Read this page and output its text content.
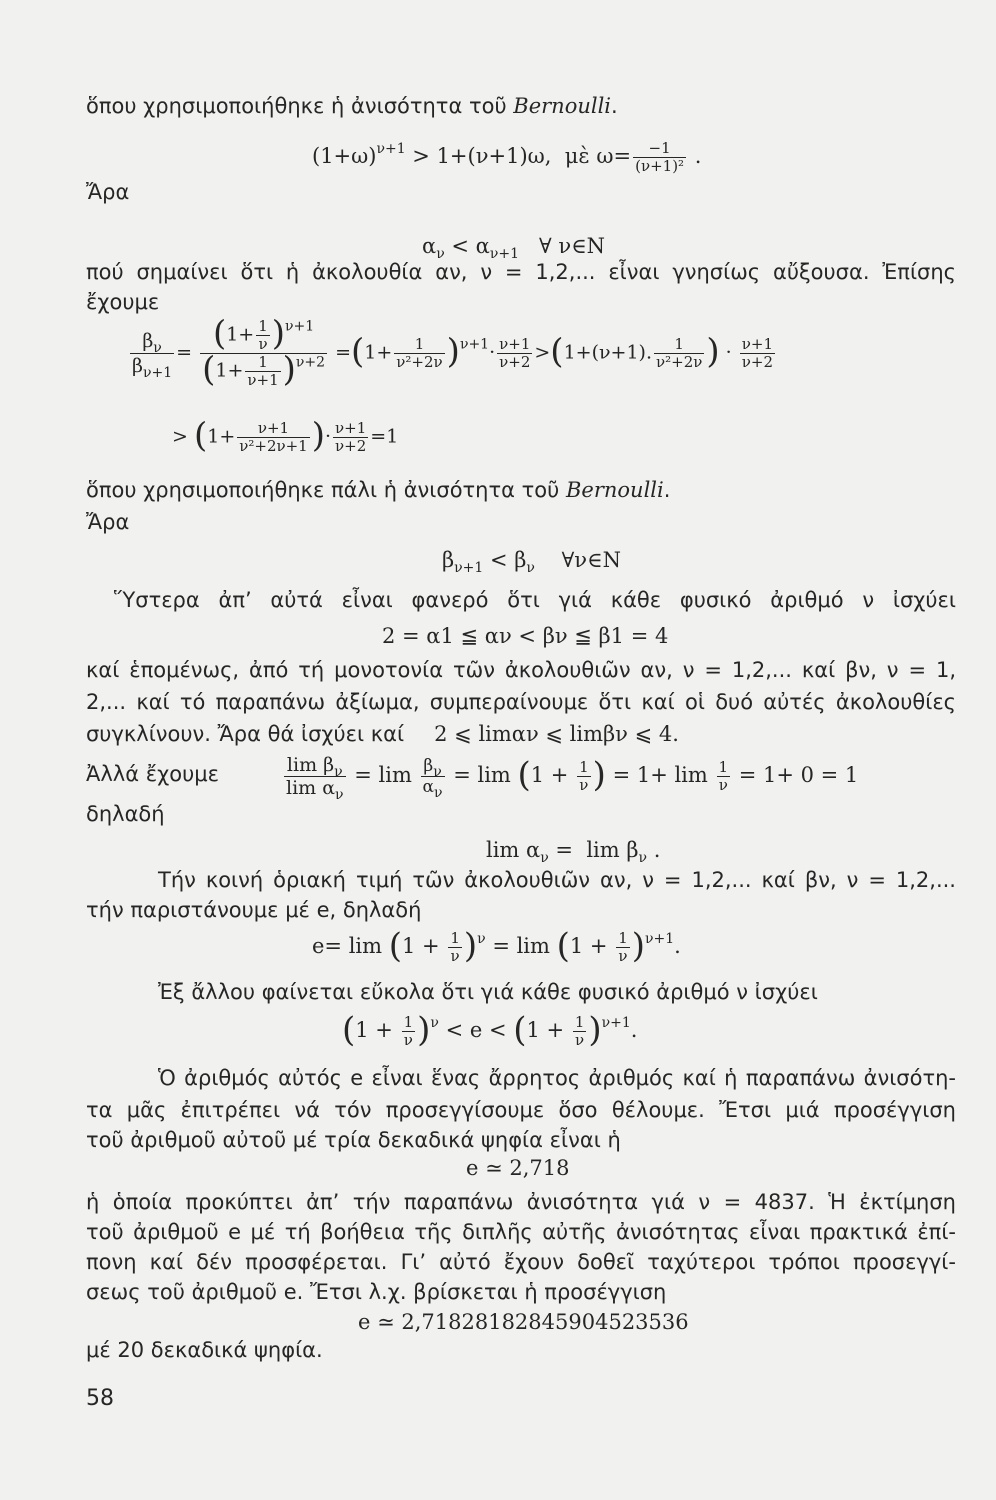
ὅπου χρησιμοποιήθηκε ἡ ἀνισότητα τοῦ Bernoulli.
$(1+\omega)^{\nu+1} > 1+(\nu+1)\omega$,  μὲ $\omega= \frac{-1}{\text{(ν+1)²}}$ .
Ἄρα
$\alpha_\nu < \alpha_{\nu+1}$   ∀ ν∈N
πού σημαίνει ὅτι ἡ ἀκολουθία αν, ν = 1,2,... εἶναι γνησίως αὔξουσα. Ἐπίσης
ἔχουμε
$\frac{\beta_\nu}{\beta_{\nu+1}} = \frac{(1+ \frac{1}{\nu} )^{\nu+1}}{(1+ \frac{1}{\nu+1} )^{\nu+2}} =(1+ \frac{1}{\text{ν²+2ν}} )^{\nu+1}\cdot \frac{\nu+1}{\nu+2} >(1+(\nu+1)$. $\frac{1}{\text{ν²+2ν}}$ ) · $\frac{\nu+1}{\nu+2}$
> ($1+ \frac{\nu+1}{\text{ν²+2ν+1}}$ )· $\frac{\nu+1}{\nu+2} =1$
ὅπου χρησιμοποιήθηκε πάλι ἡ ἀνισότητα τοῦ Bernoulli.
Ἄρα
$\beta_{\nu+1} < \beta_\nu$    ∀ν∈N
Ὕστερα ἀπ’ αὐτά εἶναι φανερό ὅτι γιά κάθε φυσικό ἀριθμό ν ἰσχύει
2 = α1 ≦ αν < βν ≦ β1 = 4
καί ἑπομένως, ἀπό τή μονοτονία τῶν ἀκολουθιῶν αν, ν = 1,2,... καί βν, ν = 1,
2,... καί τό παραπάνω ἀξίωμα, συμπεραίνουμε ὅτι καί οἱ δυό αὐτές ἀκολουθίες
συγκλίνουν. Ἄρα θά ἰσχύει καί 2 ⩽ limαν ⩽ limβν ⩽ 4.
Ἀλλά ἔχουμε	$\frac{\lim \beta_\nu}{\lim \alpha_\nu} = \lim \frac{\beta_\nu}{\alpha_\nu} = \lim (1 + \frac{1}{\nu}$ ) = $1+ \lim \frac{1}{\nu} = 1+ 0 = 1$
δηλαδή
$\lim \alpha_\nu = \lim \beta_\nu$ .
Τήν κοινή ὁριακή τιμή τῶν ἀκολουθιῶν αν, ν = 1,2,... καί βν, ν = 1,2,...
τήν παριστάνουμε μέ e, δηλαδή
$e= \lim (1 + \frac{1}{\nu} )^\nu = \lim (1 + \frac{1}{\nu} )^{\nu+1}$.
Ἐξ ἄλλου φαίνεται εὔκολα ὅτι γιά κάθε φυσικό ἀριθμό ν ἰσχύει
$(1 + \frac{1}{\nu} )^\nu < e < (1 + \frac{1}{\nu} )^{\nu+1}$.
Ὁ ἀριθμός αὐτός e εἶναι ἕνας ἄρρητος ἀριθμός καί ἡ παραπάνω ἀνισότη-
τα μᾶς ἐπιτρέπει νά τόν προσεγγίσουμε ὅσο θέλουμε. Ἔτσι μιά προσέγγιση
τοῦ ἀριθμοῦ αὐτοῦ μέ τρία δεκαδικά ψηφία εἶναι ἡ
e ≃ 2,718
ἡ ὁποία προκύπτει ἀπ’ τήν παραπάνω ἀνισότητα γιά ν = 4837. Ἡ ἐκτίμηση
τοῦ ἀριθμοῦ e μέ τή βοήθεια τῆς διπλῆς αὐτῆς ἀνισότητας εἶναι πρακτικά ἐπί-
πονη καί δέν προσφέρεται. Γι’ αὐτό ἔχουν δοθεῖ ταχύτεροι τρόποι προσεγγί-
σεως τοῦ ἀριθμοῦ e. Ἔτσι λ.χ. βρίσκεται ἡ προσέγγιση
e ≃ 2,71828182845904523536
μέ 20 δεκαδικά ψηφία.
58
